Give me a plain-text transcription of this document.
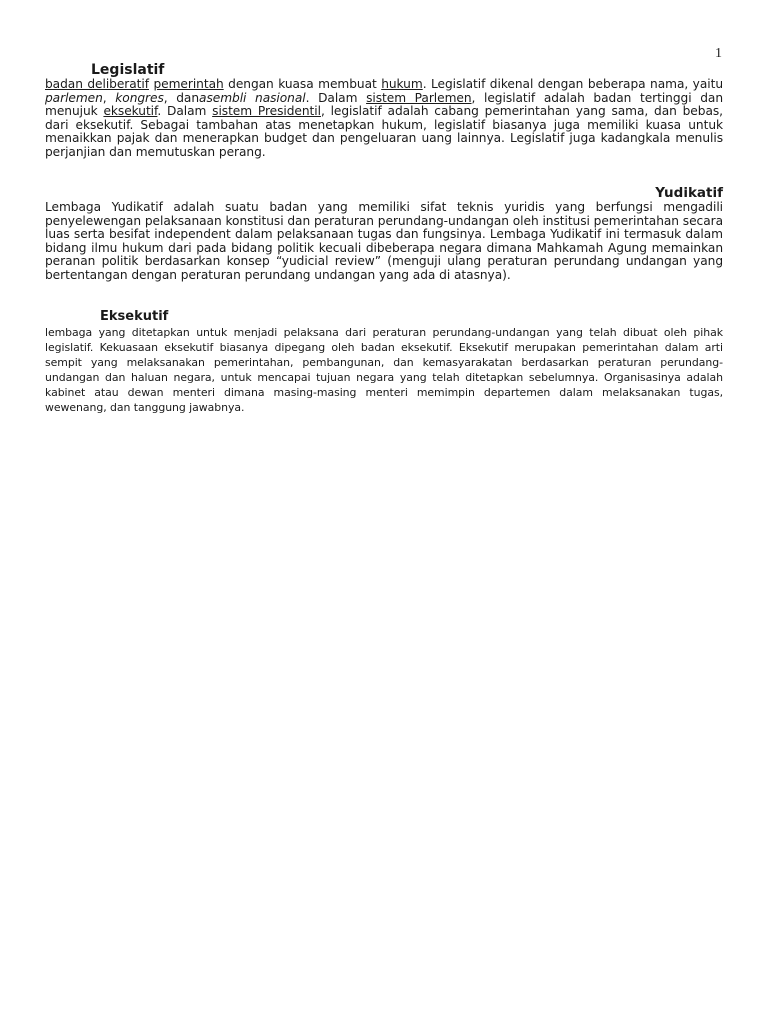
1
Legislatif

badan deliberatif pemerintah dengan kuasa membuat hukum. Legislatif dikenal dengan beberapa nama, yaitu parlemen, kongres, danasembli nasional. Dalam sistem Parlemen, legislatif adalah badan tertinggi dan menujuk eksekutif. Dalam sistem Presidentil, legislatif adalah cabang pemerintahan yang sama, dan bebas, dari eksekutif. Sebagai tambahan atas menetapkan hukum, legislatif biasanya juga memiliki kuasa untuk menaikkan pajak dan menerapkan budget dan pengeluaran uang lainnya. Legislatif juga kadangkala menulis perjanjian dan memutuskan perang.

Yudikatif

Lembaga Yudikatif adalah suatu badan yang memiliki sifat teknis yuridis yang berfungsi mengadili penyelewengan pelaksanaan konstitusi dan peraturan perundang-undangan oleh institusi pemerintahan secara luas serta besifat independent dalam pelaksanaan tugas dan fungsinya. Lembaga Yudikatif ini termasuk dalam bidang ilmu hukum dari pada bidang politik kecuali dibeberapa negara dimana Mahkamah Agung memainkan peranan politik berdasarkan konsep “yudicial review” (menguji ulang peraturan perundang undangan yang bertentangan dengan peraturan perundang undangan yang ada di atasnya).

Eksekutif

lembaga yang ditetapkan untuk menjadi pelaksana dari peraturan perundang-undangan yang telah dibuat oleh pihak legislatif. Kekuasaan eksekutif biasanya dipegang oleh badan eksekutif. Eksekutif merupakan pemerintahan dalam arti sempit yang melaksanakan pemerintahan, pembangunan, dan kemasyarakatan berdasarkan peraturan perundang-undangan dan haluan negara, untuk mencapai tujuan negara yang telah ditetapkan sebelumnya. Organisasinya adalah kabinet atau dewan menteri dimana masing-masing menteri memimpin departemen dalam melaksanakan tugas, wewenang, dan tanggung jawabnya.
